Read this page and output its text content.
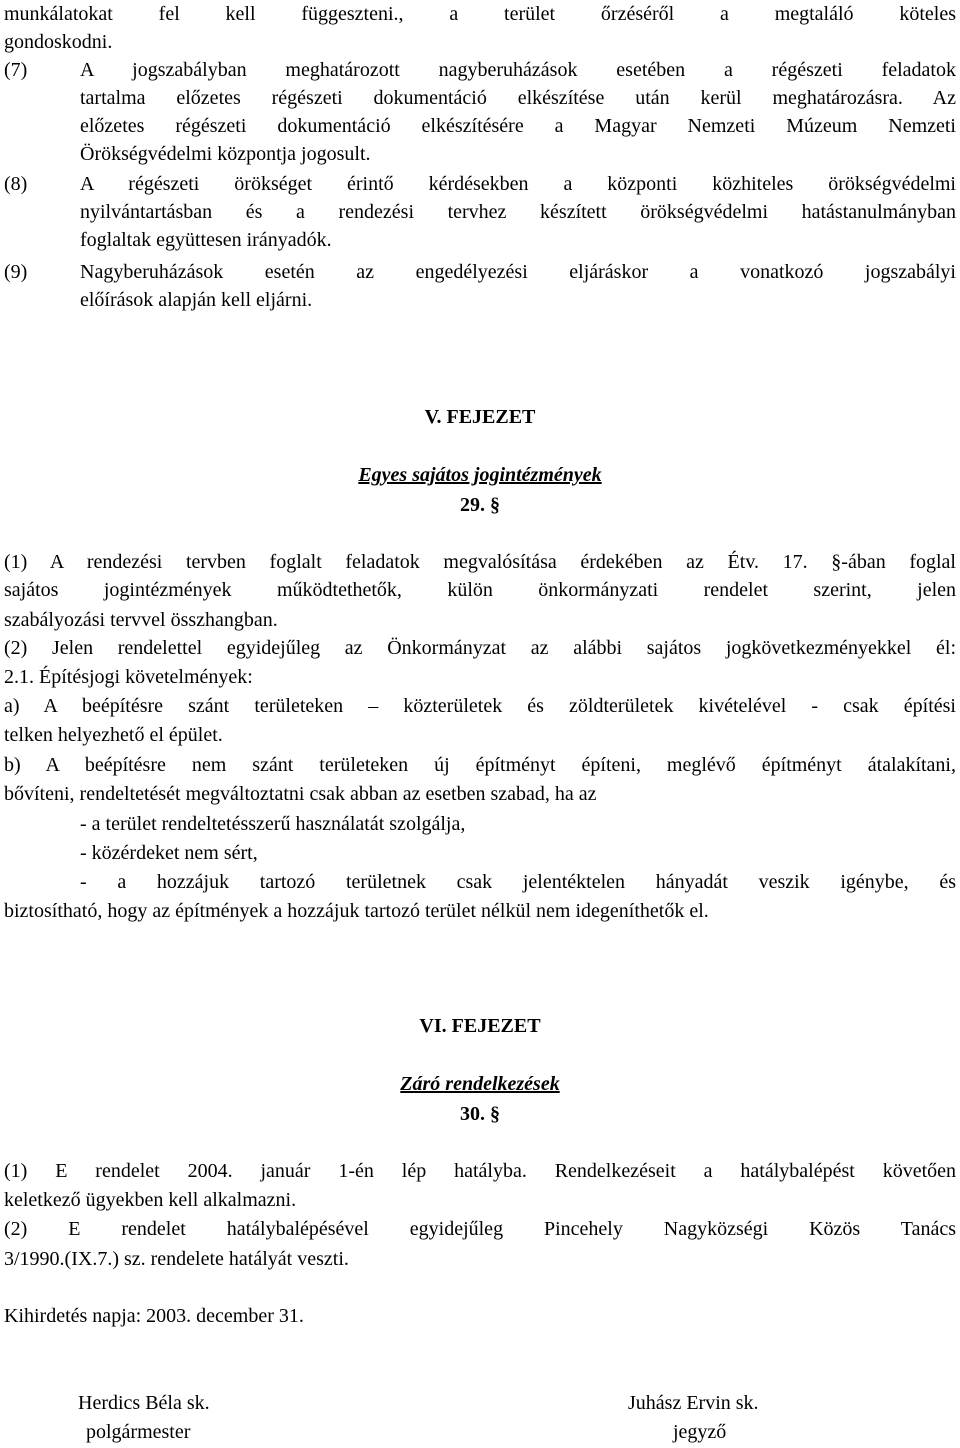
munkálatokat fel kell függeszteni., a terület őrzéséről a megtaláló köteles
gondoskodni.
(7)	A jogszabályban meghatározott nagyberuházások esetében a régészeti feladatok
tartalma előzetes régészeti dokumentáció elkészítése után kerül meghatározásra. Az
előzetes régészeti dokumentáció elkészítésére a Magyar Nemzeti Múzeum Nemzeti
Örökségvédelmi központja jogosult.
(8)	A régészeti örökséget érintő kérdésekben a központi közhiteles örökségvédelmi
nyilvántartásban és a rendezési tervhez készített örökségvédelmi hatástanulmányban
foglaltak együttesen irányadók.
(9)	Nagyberuházások esetén az engedélyezési eljáráskor a vonatkozó jogszabályi
előírások alapján kell eljárni.
V. FEJEZET
Egyes sajátos jogintézmények
29. §
(1) A rendezési tervben foglalt feladatok megvalósítása érdekében az Étv. 17. §-ában foglal
sajátos jogintézmények működtethetők, külön önkormányzati rendelet szerint, jelen
szabályozási tervvel összhangban.
(2) Jelen rendelettel egyidejűleg az Önkormányzat az alábbi sajátos jogkövetkezményekkel él:
2.1. Építésjogi követelmények:
a) A beépítésre szánt területeken – közterületek és zöldterületek kivételével - csak építési
telken helyezhető el épület.
b) A beépítésre nem szánt területeken új építményt építeni, meglévő építményt átalakítani,
bővíteni, rendeltetését megváltoztatni csak abban az esetben szabad, ha az
- a terület rendeltetésszerű használatát szolgálja,
- közérdeket nem sért,
- a hozzájuk tartozó területnek csak jelentéktelen hányadát veszik igénybe, és
biztosítható, hogy az építmények a hozzájuk tartozó terület nélkül nem idegeníthetők el.
VI. FEJEZET
Záró rendelkezések
30. §
(1) E rendelet 2004. január 1-én lép hatályba. Rendelkezéseit a hatálybalépést követően
keletkező ügyekben kell alkalmazni.
(2) E rendelet hatálybalépésével egyidejűleg Pincehely Nagyközségi Közös Tanács
3/1990.(IX.7.) sz. rendelete hatályát veszti.
Kihirdetés napja: 2003. december 31.
Herdics Béla sk.
polgármester
Juhász Ervin sk.
jegyző
